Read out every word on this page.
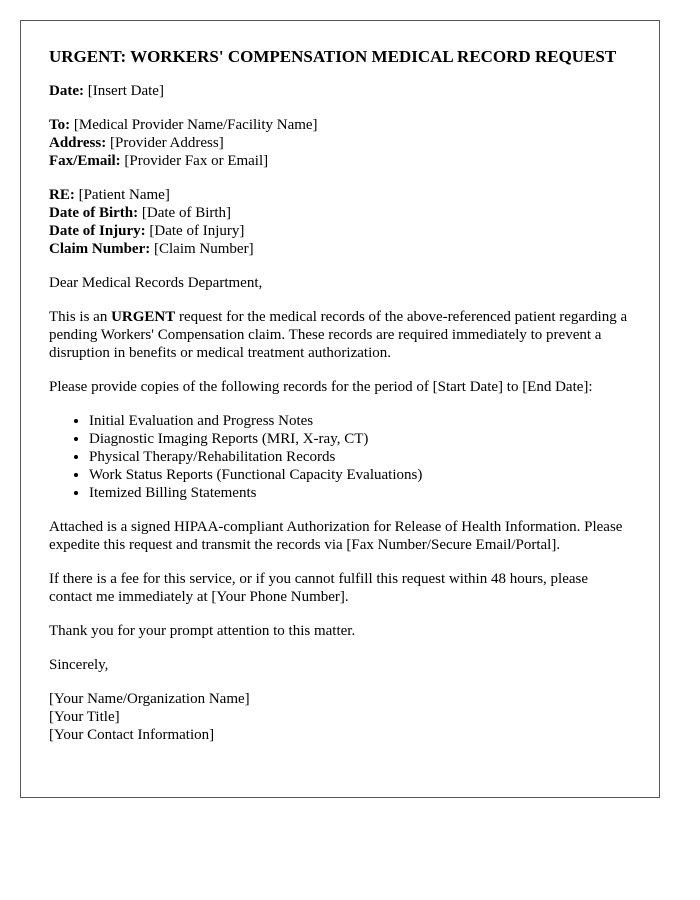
URGENT: WORKERS' COMPENSATION MEDICAL RECORD REQUEST

Date: [Insert Date]

To: [Medical Provider Name/Facility Name]

Address: [Provider Address]

Fax/Email: [Provider Fax or Email]

RE: [Patient Name]

Date of Birth: [Date of Birth]

Date of Injury: [Date of Injury]

Claim Number: [Claim Number]

Dear Medical Records Department,

This is an URGENT request for the medical records of the above-referenced patient regarding a pending Workers' Compensation claim. These records are required immediately to prevent a disruption in benefits or medical treatment authorization.

Please provide copies of the following records for the period of [Start Date] to [End Date]:

• Initial Evaluation and Progress Notes
• Diagnostic Imaging Reports (MRI, X-ray, CT)
• Physical Therapy/Rehabilitation Records
• Work Status Reports (Functional Capacity Evaluations)
• Itemized Billing Statements

Attached is a signed HIPAA-compliant Authorization for Release of Health Information. Please expedite this request and transmit the records via [Fax Number/Secure Email/Portal].

If there is a fee for this service, or if you cannot fulfill this request within 48 hours, please contact me immediately at [Your Phone Number].

Thank you for your prompt attention to this matter.

Sincerely,

[Your Name/Organization Name]

[Your Title]

[Your Contact Information]
